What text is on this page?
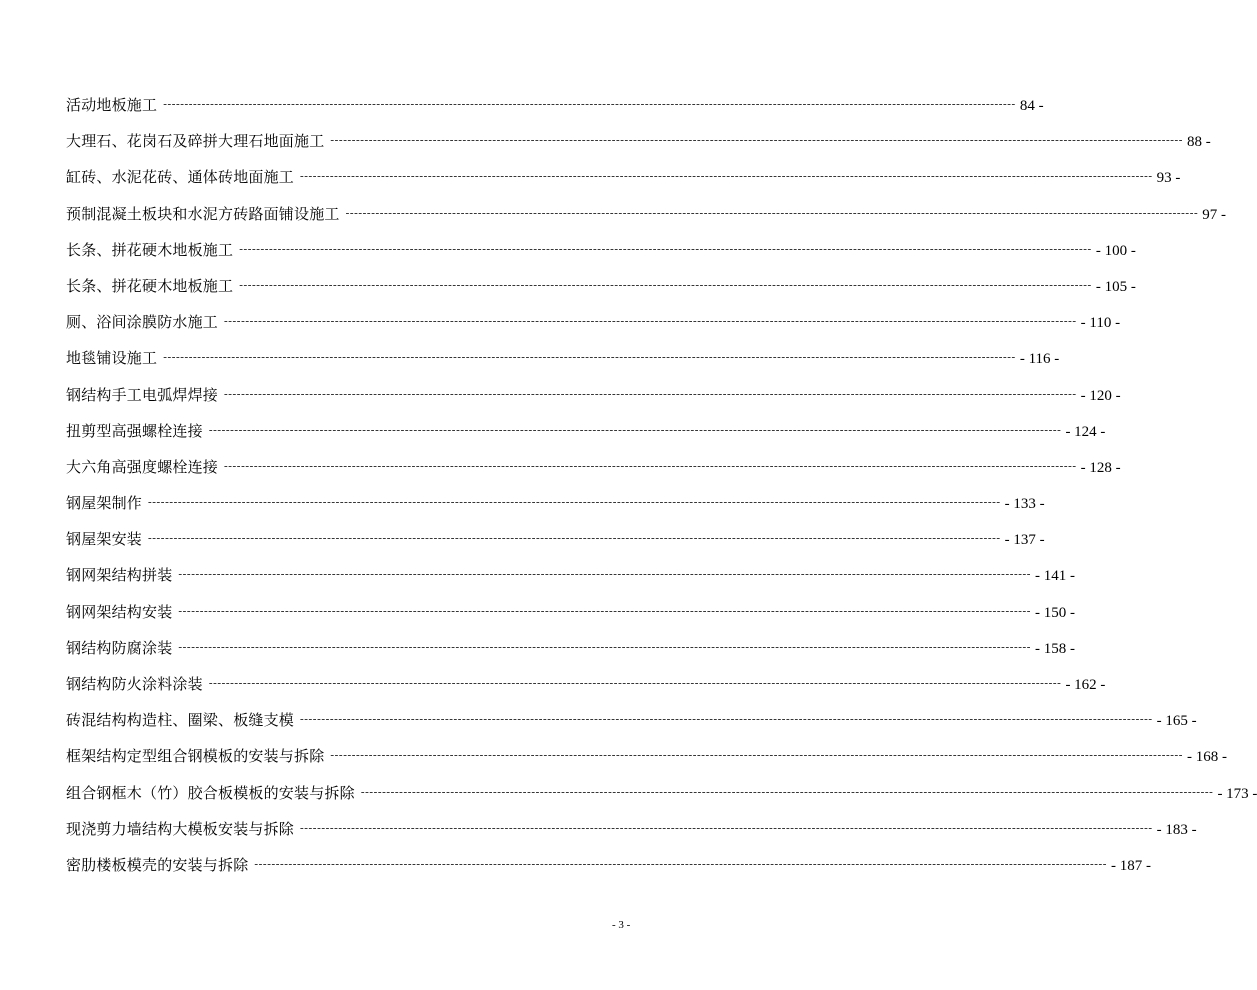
活动地板施工 -------------------------------------------------------------------------------------------------------------------------------------------------------------------------------------------------------- 84 -
大理石、花岗石及碎拼大理石地面施工 -------------------------------------------------------------------------------------------------------------------------------------------------------------------------------------------------------- 88 -
缸砖、水泥花砖、通体砖地面施工 -------------------------------------------------------------------------------------------------------------------------------------------------------------------------------------------------------- 93 -
预制混凝土板块和水泥方砖路面铺设施工 -------------------------------------------------------------------------------------------------------------------------------------------------------------------------------------------------------- 97 -
长条、拼花硬木地板施工 -------------------------------------------------------------------------------------------------------------------------------------------------------------------------------------------------------- - 100 -
长条、拼花硬木地板施工 -------------------------------------------------------------------------------------------------------------------------------------------------------------------------------------------------------- - 105 -
厕、浴间涂膜防水施工 -------------------------------------------------------------------------------------------------------------------------------------------------------------------------------------------------------- - 110 -
地毯铺设施工 -------------------------------------------------------------------------------------------------------------------------------------------------------------------------------------------------------- - 116 -
钢结构手工电弧焊焊接 -------------------------------------------------------------------------------------------------------------------------------------------------------------------------------------------------------- - 120 -
扭剪型高强螺栓连接 -------------------------------------------------------------------------------------------------------------------------------------------------------------------------------------------------------- - 124 -
大六角高强度螺栓连接 -------------------------------------------------------------------------------------------------------------------------------------------------------------------------------------------------------- - 128 -
钢屋架制作 -------------------------------------------------------------------------------------------------------------------------------------------------------------------------------------------------------- - 133 -
钢屋架安装 -------------------------------------------------------------------------------------------------------------------------------------------------------------------------------------------------------- - 137 -
钢网架结构拼装 -------------------------------------------------------------------------------------------------------------------------------------------------------------------------------------------------------- - 141 -
钢网架结构安装 -------------------------------------------------------------------------------------------------------------------------------------------------------------------------------------------------------- - 150 -
钢结构防腐涂装 -------------------------------------------------------------------------------------------------------------------------------------------------------------------------------------------------------- - 158 -
钢结构防火涂料涂装 -------------------------------------------------------------------------------------------------------------------------------------------------------------------------------------------------------- - 162 -
砖混结构构造柱、圈梁、板缝支模 -------------------------------------------------------------------------------------------------------------------------------------------------------------------------------------------------------- - 165 -
框架结构定型组合钢模板的安装与拆除 -------------------------------------------------------------------------------------------------------------------------------------------------------------------------------------------------------- - 168 -
组合钢框木（竹）胶合板模板的安装与拆除 -------------------------------------------------------------------------------------------------------------------------------------------------------------------------------------------------------- - 173 -
现浇剪力墙结构大模板安装与拆除 -------------------------------------------------------------------------------------------------------------------------------------------------------------------------------------------------------- - 183 -
密肋楼板模壳的安装与拆除 -------------------------------------------------------------------------------------------------------------------------------------------------------------------------------------------------------- - 187 -
- 3 -
